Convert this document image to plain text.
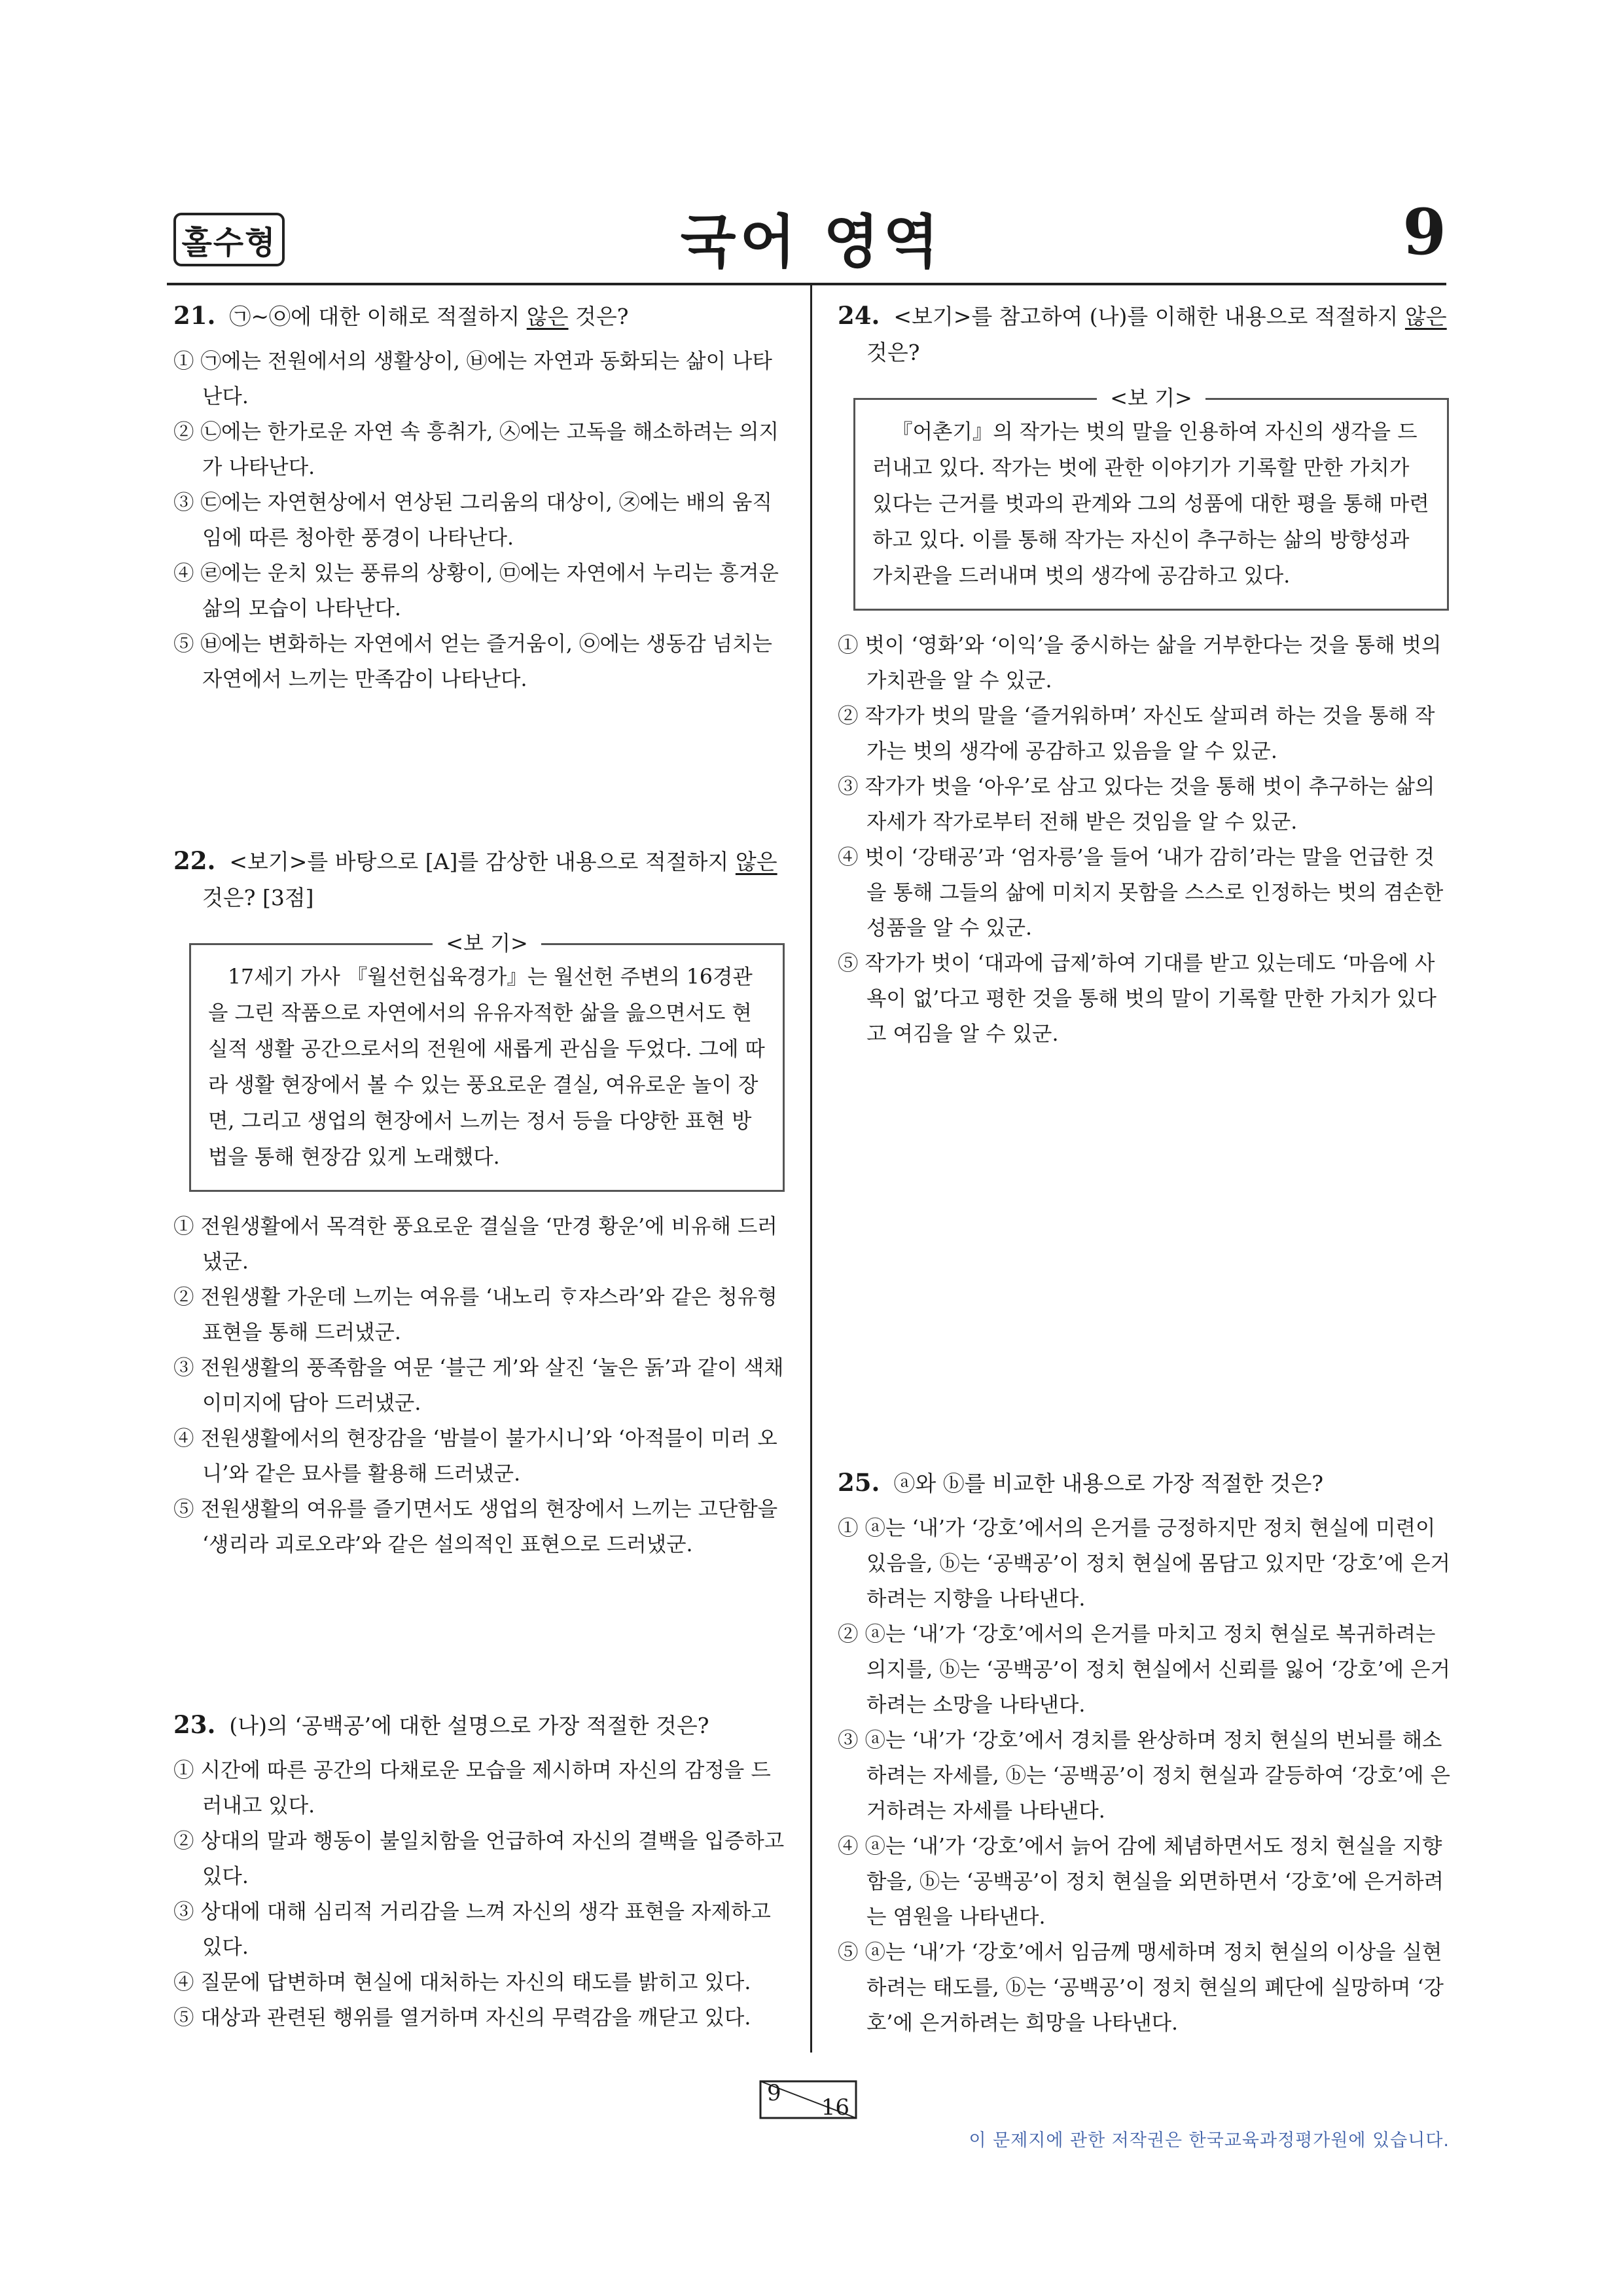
홀수형	국어 영역	9

21. ㉠~㉧에 대한 이해로 적절하지 않은 것은?

① ㉠에는 전원에서의 생활상이, ㉥에는 자연과 동화되는 삶이 나타난다.
② ㉡에는 한가로운 자연 속 흥취가, ㉦에는 고독을 해소하려는 의지가 나타난다.
③ ㉢에는 자연현상에서 연상된 그리움의 대상이, ㉨에는 배의 움직임에 따른 청아한 풍경이 나타난다.
④ ㉣에는 운치 있는 풍류의 상황이, ㉤에는 자연에서 누리는 흥겨운 삶의 모습이 나타난다.
⑤ ㉥에는 변화하는 자연에서 얻는 즐거움이, ㉧에는 생동감 넘치는 자연에서 느끼는 만족감이 나타난다.

22. <보기>를 바탕으로 [A]를 감상한 내용으로 적절하지 않은 것은? [3점]

<보 기>

17세기 가사 『월선헌십육경가』는 월선헌 주변의 16경관을 그린 작품으로 자연에서의 유유자적한 삶을 읊으면서도 현실적 생활 공간으로서의 전원에 새롭게 관심을 두었다. 그에 따라 생활 현장에서 볼 수 있는 풍요로운 결실, 여유로운 놀이 장면, 그리고 생업의 현장에서 느끼는 정서 등을 다양한 표현 방법을 통해 현장감 있게 노래했다.

① 전원생활에서 목격한 풍요로운 결실을 ‘만경 황운’에 비유해 드러냈군.
② 전원생활 가운데 느끼는 여유를 ‘내노리 ᄒᆞ쟈스라’와 같은 청유형 표현을 통해 드러냈군.
③ 전원생활의 풍족함을 여문 ‘블근 게’와 살진 ‘눌은 돍’과 같이 색채 이미지에 담아 드러냈군.
④ 전원생활에서의 현장감을 ‘밤블이 불가시니’와 ‘아적믈이 미러 오니’와 같은 묘사를 활용해 드러냈군.
⑤ 전원생활의 여유를 즐기면서도 생업의 현장에서 느끼는 고단함을 ‘생리라 괴로오랴’와 같은 설의적인 표현으로 드러냈군.

23. (나)의 ‘공백공’에 대한 설명으로 가장 적절한 것은?

① 시간에 따른 공간의 다채로운 모습을 제시하며 자신의 감정을 드러내고 있다.
② 상대의 말과 행동이 불일치함을 언급하여 자신의 결백을 입증하고 있다.
③ 상대에 대해 심리적 거리감을 느껴 자신의 생각 표현을 자제하고 있다.
④ 질문에 답변하며 현실에 대처하는 자신의 태도를 밝히고 있다.
⑤ 대상과 관련된 행위를 열거하며 자신의 무력감을 깨닫고 있다.

24. <보기>를 참고하여 (나)를 이해한 내용으로 적절하지 않은 것은?

<보 기>

『어촌기』의 작가는 벗의 말을 인용하여 자신의 생각을 드러내고 있다. 작가는 벗에 관한 이야기가 기록할 만한 가치가 있다는 근거를 벗과의 관계와 그의 성품에 대한 평을 통해 마련하고 있다. 이를 통해 작가는 자신이 추구하는 삶의 방향성과 가치관을 드러내며 벗의 생각에 공감하고 있다.

① 벗이 ‘영화’와 ‘이익’을 중시하는 삶을 거부한다는 것을 통해 벗의 가치관을 알 수 있군.
② 작가가 벗의 말을 ‘즐거워하며’ 자신도 살피려 하는 것을 통해 작가는 벗의 생각에 공감하고 있음을 알 수 있군.
③ 작가가 벗을 ‘아우’로 삼고 있다는 것을 통해 벗이 추구하는 삶의 자세가 작가로부터 전해 받은 것임을 알 수 있군.
④ 벗이 ‘강태공’과 ‘엄자릉’을 들어 ‘내가 감히’라는 말을 언급한 것을 통해 그들의 삶에 미치지 못함을 스스로 인정하는 벗의 겸손한 성품을 알 수 있군.
⑤ 작가가 벗이 ‘대과에 급제’하여 기대를 받고 있는데도 ‘마음에 사욕이 없’다고 평한 것을 통해 벗의 말이 기록할 만한 가치가 있다고 여김을 알 수 있군.

25. ⓐ와 ⓑ를 비교한 내용으로 가장 적절한 것은?

① ⓐ는 ‘내’가 ‘강호’에서의 은거를 긍정하지만 정치 현실에 미련이 있음을, ⓑ는 ‘공백공’이 정치 현실에 몸담고 있지만 ‘강호’에 은거하려는 지향을 나타낸다.
② ⓐ는 ‘내’가 ‘강호’에서의 은거를 마치고 정치 현실로 복귀하려는 의지를, ⓑ는 ‘공백공’이 정치 현실에서 신뢰를 잃어 ‘강호’에 은거하려는 소망을 나타낸다.
③ ⓐ는 ‘내’가 ‘강호’에서 경치를 완상하며 정치 현실의 번뇌를 해소하려는 자세를, ⓑ는 ‘공백공’이 정치 현실과 갈등하여 ‘강호’에 은거하려는 자세를 나타낸다.
④ ⓐ는 ‘내’가 ‘강호’에서 늙어 감에 체념하면서도 정치 현실을 지향함을, ⓑ는 ‘공백공’이 정치 현실을 외면하면서 ‘강호’에 은거하려는 염원을 나타낸다.
⑤ ⓐ는 ‘내’가 ‘강호’에서 임금께 맹세하며 정치 현실의 이상을 실현하려는 태도를, ⓑ는 ‘공백공’이 정치 현실의 폐단에 실망하며 ‘강호’에 은거하려는 희망을 나타낸다.
9
16
이 문제지에 관한 저작권은 한국교육과정평가원에 있습니다.
